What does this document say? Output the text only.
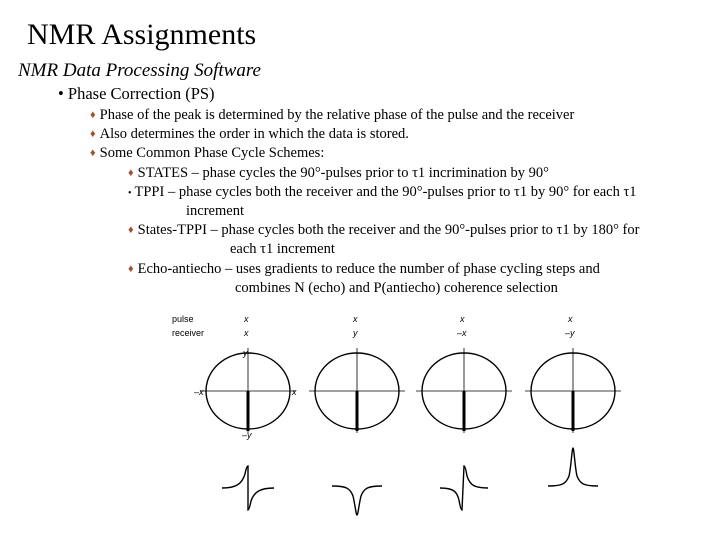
NMR Assignments
NMR Data Processing Software
• Phase Correction (PS)
♦ Phase of the peak is determined by the relative phase of the pulse and the receiver
♦ Also determines the order in which the data is stored.
♦ Some Common Phase Cycle Schemes:
♦ STATES – phase cycles the 90°-pulses prior to τ1 incrimination by 90°
• TPPI – phase cycles both the receiver and the 90°-pulses prior to τ1 by 90° for each τ1
increment
♦ States-TPPI – phase cycles both the receiver and the 90°-pulses prior to τ1 by 180° for
each τ1 increment
♦ Echo-antiecho – uses gradients to reduce the number of phase cycling steps and
combines N (echo) and P(antiecho) coherence selection
pulse
receiver
x
x
y
–x	x
–y
x
y
x
–x
x
–y
